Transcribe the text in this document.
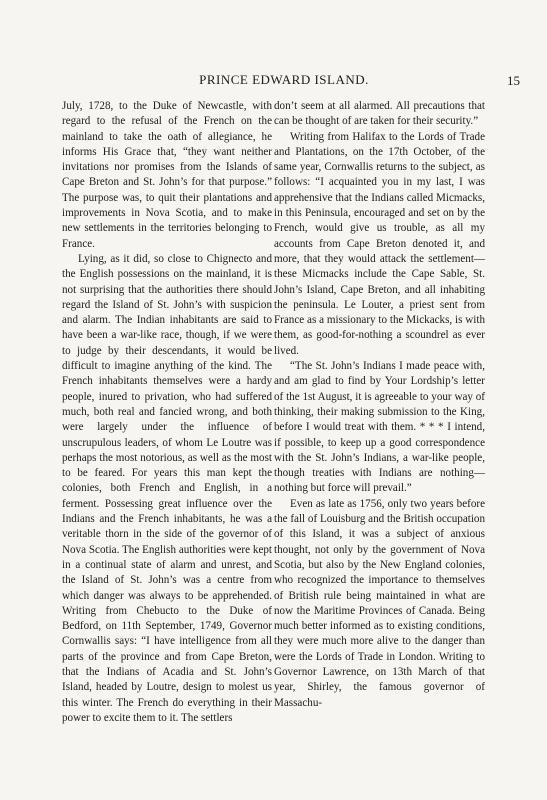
PRINCE EDWARD ISLAND.	15

July, 1728, to the Duke of Newcastle, with regard to the refusal of the French on the mainland to take the oath of allegiance, he informs His Grace that, “they want neither invitations nor promises from the Islands of Cape Breton and St. John’s for that purpose.” The purpose was, to quit their plantations and improvements in Nova Scotia, and to make new settlements in the territories belonging to France.

Lying, as it did, so close to Chignecto and the English possessions on the mainland, it is not surprising that the authorities there should regard the Island of St. John’s with suspicion and alarm. The Indian inhabitants are said to have been a war-like race, though, if we were to judge by their descendants, it would be difficult to imagine anything of the kind. The French inhabitants themselves were a hardy people, inured to privation, who had suffered much, both real and fancied wrong, and both were largely under the influence of unscrupulous leaders, of whom Le Loutre was perhaps the most notorious, as well as the most to be feared. For years this man kept the colonies, both French and English, in a ferment. Possessing great influence over the Indians and the French inhabitants, he was a veritable thorn in the side of the governor of Nova Scotia. The English authorities were kept in a continual state of alarm and unrest, and the Island of St. John’s was a centre from which danger was always to be apprehended. Writing from Chebucto to the Duke of Bedford, on 11th September, 1749, Governor Cornwallis says: “I have intelligence from all parts of the province and from Cape Breton, that the Indians of Acadia and St. John’s Island, headed by Loutre, design to molest us this winter. The French do everything in their power to excite them to it. The settlers

don’t seem at all alarmed. All precautions that can be thought of are taken for their security.”

Writing from Halifax to the Lords of Trade and Plantations, on the 17th October, of the same year, Cornwallis returns to the subject, as follows: “I acquainted you in my last, I was apprehensive that the Indians called Micmacks, in this Peninsula, encouraged and set on by the French, would give us trouble, as all my accounts from Cape Breton denoted it, and more, that they would attack the settlement—these Micmacks include the Cape Sable, St. John’s Island, Cape Breton, and all inhabiting the peninsula. Le Louter, a priest sent from France as a missionary to the Mickacks, is with them, as good-for-nothing a scoundrel as ever lived.

“The St. John’s Indians I made peace with, and am glad to find by Your Lordship’s letter of the 1st August, it is agreeable to your way of thinking, their making submission to the King, before I would treat with them. * * * I intend, if possible, to keep up a good correspondence with the St. John’s Indians, a war-like people, though treaties with Indians are nothing—nothing but force will prevail.”

Even as late as 1756, only two years before the fall of Louisburg and the British occupation of this Island, it was a subject of anxious thought, not only by the government of Nova Scotia, but also by the New England colonies, who recognized the importance to themselves of British rule being maintained in what are now the Maritime Provinces of Canada. Being much better informed as to existing conditions, they were much more alive to the danger than were the Lords of Trade in London. Writing to Governor Lawrence, on 13th March of that year, Shirley, the famous governor of Massachu-
